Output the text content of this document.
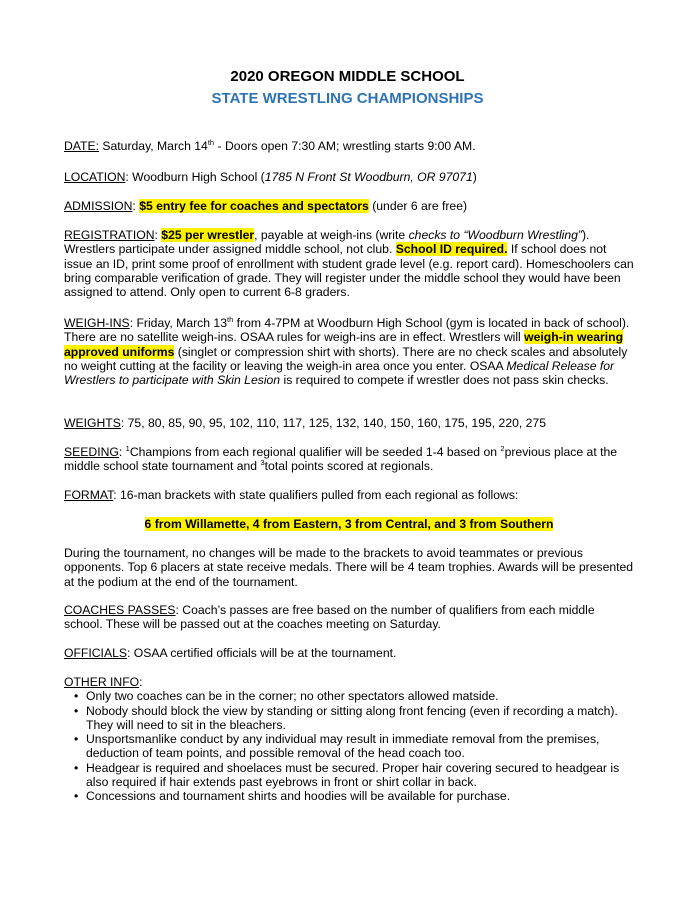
2020 OREGON MIDDLE SCHOOL
STATE WRESTLING CHAMPIONSHIPS
DATE: Saturday, March 14th - Doors open 7:30 AM; wrestling starts 9:00 AM.
LOCATION: Woodburn High School (1785 N Front St Woodburn, OR 97071)
ADMISSION: $5 entry fee for coaches and spectators (under 6 are free)
REGISTRATION: $25 per wrestler, payable at weigh-ins (write checks to “Woodburn Wrestling”). Wrestlers participate under assigned middle school, not club. School ID required. If school does not issue an ID, print some proof of enrollment with student grade level (e.g. report card). Homeschoolers can bring comparable verification of grade. They will register under the middle school they would have been assigned to attend. Only open to current 6-8 graders.
WEIGH-INS: Friday, March 13th from 4-7PM at Woodburn High School (gym is located in back of school). There are no satellite weigh-ins. OSAA rules for weigh-ins are in effect. Wrestlers will weigh-in wearing approved uniforms (singlet or compression shirt with shorts). There are no check scales and absolutely no weight cutting at the facility or leaving the weigh-in area once you enter. OSAA Medical Release for Wrestlers to participate with Skin Lesion is required to compete if wrestler does not pass skin checks.
WEIGHTS: 75, 80, 85, 90, 95, 102, 110, 117, 125, 132, 140, 150, 160, 175, 195, 220, 275
SEEDING: $^1$Champions from each regional qualifier will be seeded 1-4 based on $^2$previous place at the middle school state tournament and $^3$total points scored at regionals.
FORMAT: 16-man brackets with state qualifiers pulled from each regional as follows:
6 from Willamette, 4 from Eastern, 3 from Central, and 3 from Southern
During the tournament, no changes will be made to the brackets to avoid teammates or previous opponents. Top 6 placers at state receive medals. There will be 4 team trophies. Awards will be presented at the podium at the end of the tournament.
COACHES PASSES: Coach’s passes are free based on the number of qualifiers from each middle school. These will be passed out at the coaches meeting on Saturday.
OFFICIALS: OSAA certified officials will be at the tournament.
OTHER INFO:
• Only two coaches can be in the corner; no other spectators allowed matside.
• Nobody should block the view by standing or sitting along front fencing (even if recording a match). They will need to sit in the bleachers.
• Unsportsmanlike conduct by any individual may result in immediate removal from the premises, deduction of team points, and possible removal of the head coach too.
• Headgear is required and shoelaces must be secured. Proper hair covering secured to headgear is also required if hair extends past eyebrows in front or shirt collar in back.
• Concessions and tournament shirts and hoodies will be available for purchase.
